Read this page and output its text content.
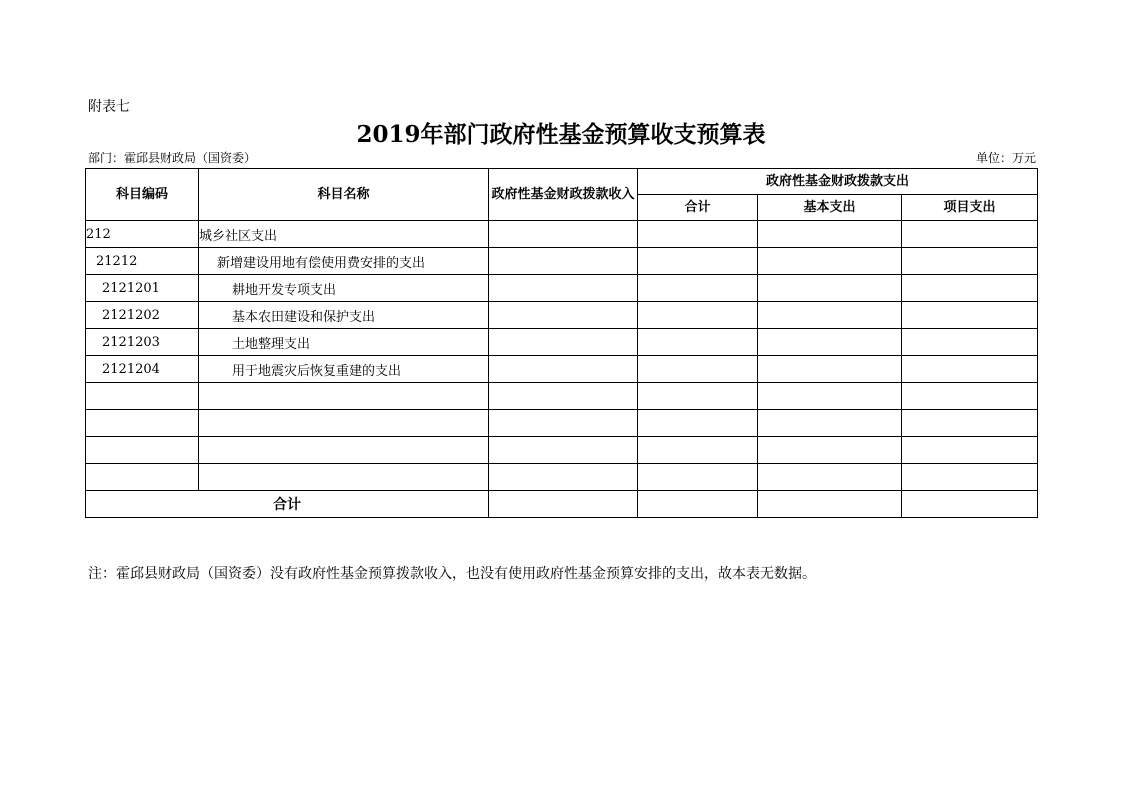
附表七
2019年部门政府性基金预算收支预算表
部门：霍邱县财政局（国资委）	单位：万元
科目编码	科目名称	政府性基金财政拨款收入	政府性基金财政拨款支出		
			合计	基本支出	项目支出
212	城乡社区支出				
21212	新增建设用地有偿使用费安排的支出				
2121201	耕地开发专项支出				
2121202	基本农田建设和保护支出				
2121203	土地整理支出				
2121204	用于地震灾后恢复重建的支出				

合计					
注：霍邱县财政局（国资委）没有政府性基金预算拨款收入，也没有使用政府性基金预算安排的支出，故本表无数据。
